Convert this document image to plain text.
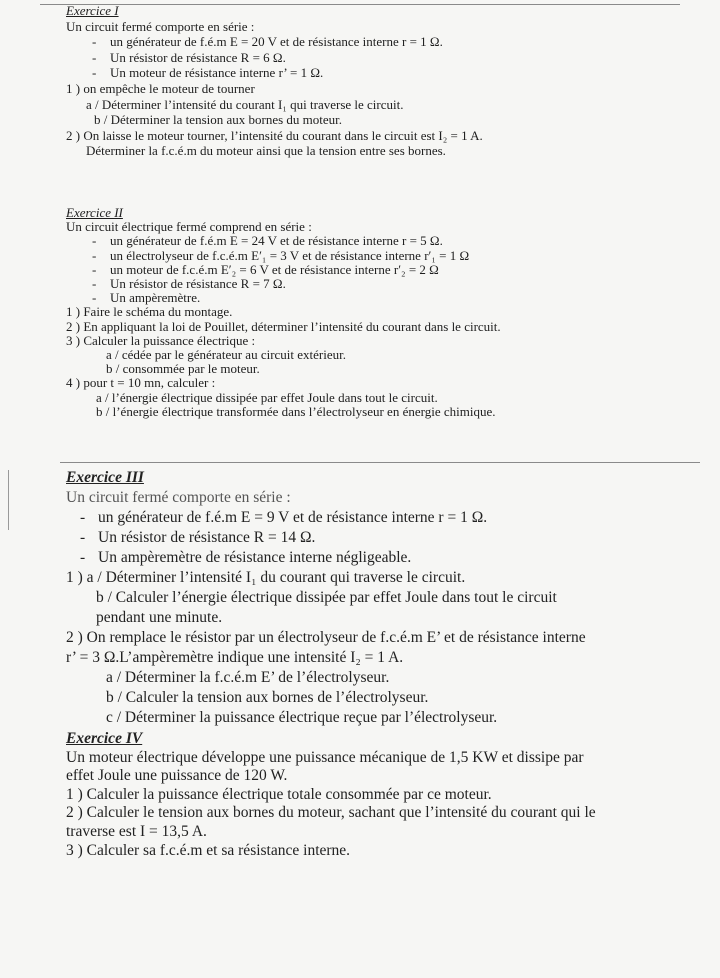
Exercice I
Un circuit fermé comporte en série :
- un générateur de f.é.m E = 20 V et de résistance interne r = 1 Ω.
- Un résistor de résistance R = 6 Ω.
- Un moteur de résistance interne r’ = 1 Ω.
1 ) on empêche le moteur de tourner
a / Déterminer l’intensité du courant I₁ qui traverse le circuit.
b / Déterminer la tension aux bornes du moteur.
2 ) On laisse le moteur tourner, l’intensité du courant dans le circuit est I₂ = 1 A.
Déterminer la f.c.é.m du moteur ainsi que la tension entre ses bornes.
Exercice II
Un circuit électrique fermé comprend en série :
- un générateur de f.é.m E = 24 V et de résistance interne r = 5 Ω.
- un électrolyseur de f.c.é.m E′₁ = 3 V et de résistance interne r′₁ = 1 Ω
- un moteur de f.c.é.m E′₂ = 6 V et de résistance interne r′₂ = 2 Ω
- Un résistor de résistance R = 7 Ω.
- Un ampèremètre.
1 ) Faire le schéma du montage.
2 ) En appliquant la loi de Pouillet, déterminer l’intensité du courant dans le circuit.
3 ) Calculer la puissance électrique :
a / cédée par le générateur au circuit extérieur.
b / consommée par le moteur.
4 ) pour t = 10 mn, calculer :
a / l’énergie électrique dissipée par effet Joule dans tout le circuit.
b / l’énergie électrique transformée dans l’électrolyseur en énergie chimique.
Exercice III
Un circuit fermé comporte en série :
- un générateur de f.é.m E = 9 V et de résistance interne r = 1 Ω.
- Un résistor de résistance R = 14 Ω.
- Un ampèremètre de résistance interne négligeable.
1 ) a / Déterminer l’intensité I₁ du courant qui traverse le circuit.
b / Calculer l’énergie électrique dissipée par effet Joule dans tout le circuit
pendant une minute.
2 ) On remplace le résistor par un électrolyseur de f.c.é.m E’ et de résistance interne
r’ = 3 Ω.L’ampèremètre indique une intensité I₂ = 1 A.
a / Déterminer la f.c.é.m E’ de l’électrolyseur.
b / Calculer la tension aux bornes de l’électrolyseur.
c / Déterminer la puissance électrique reçue par l’électrolyseur.
Exercice IV
Un moteur électrique développe une puissance mécanique de 1,5 KW et dissipe par
effet Joule une puissance de 120 W.
1 ) Calculer la puissance électrique totale consommée par ce moteur.
2 ) Calculer le tension aux bornes du moteur, sachant que l’intensité du courant qui le
traverse est I = 13,5 A.
3 ) Calculer sa f.c.é.m et sa résistance interne.
